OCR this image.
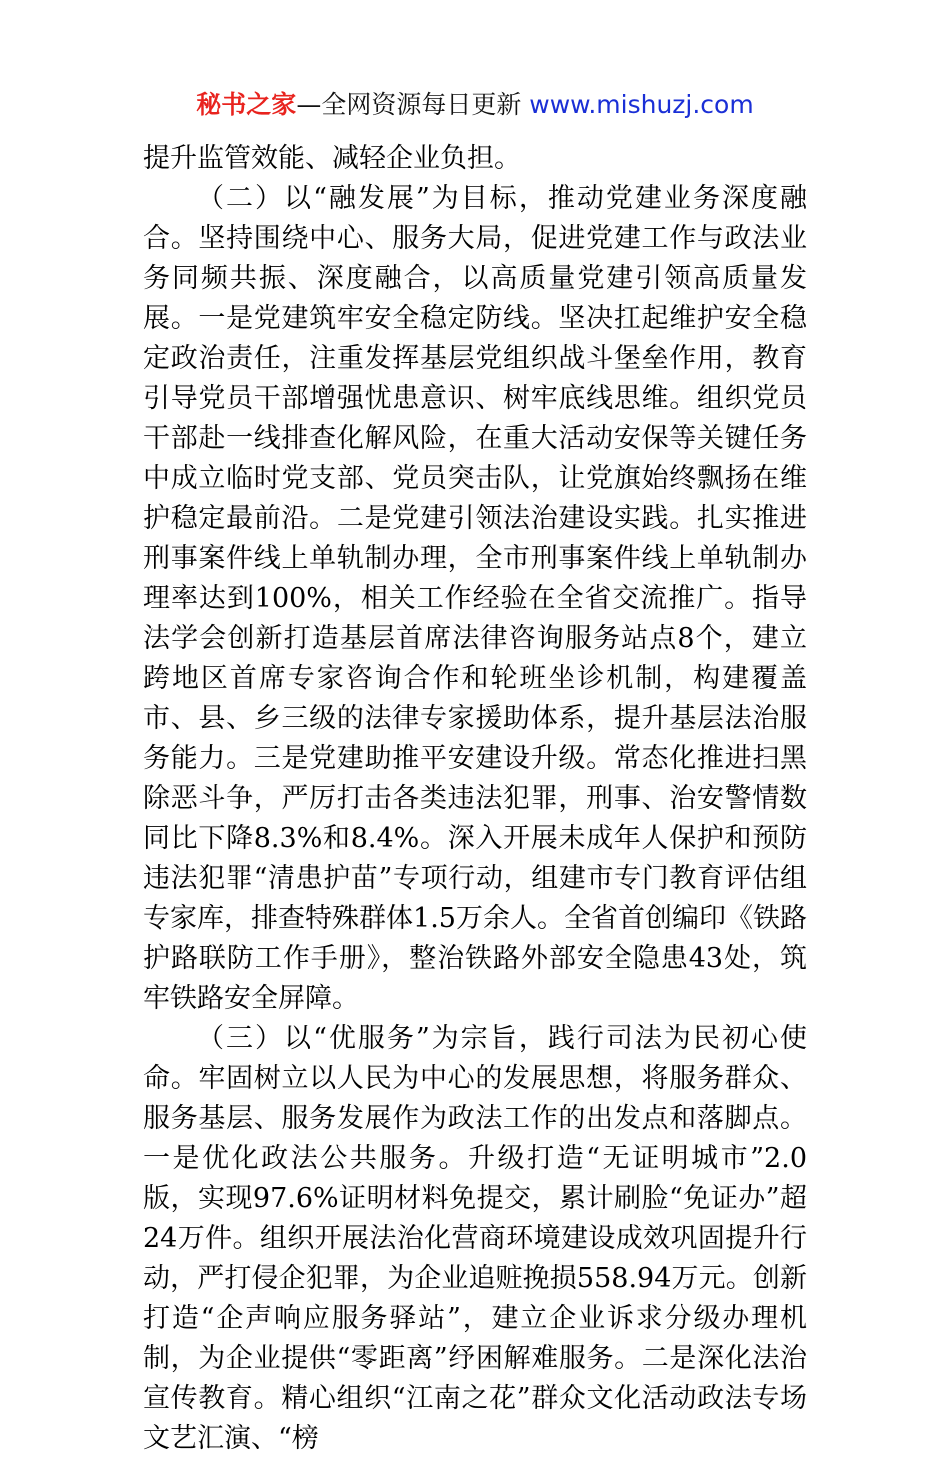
秘书之家—全网资源每日更新 www.mishuzj.com

提升监管效能、减轻企业负担。

（二）以“融发展”为目标，推动党建业务深度融合。坚持围绕中心、服务大局，促进党建工作与政法业务同频共振、深度融合，以高质量党建引领高质量发展。一是党建筑牢安全稳定防线。坚决扛起维护安全稳定政治责任，注重发挥基层党组织战斗堡垒作用，教育引导党员干部增强忧患意识、树牢底线思维。组织党员干部赴一线排查化解风险，在重大活动安保等关键任务中成立临时党支部、党员突击队，让党旗始终飘扬在维护稳定最前沿。二是党建引领法治建设实践。扎实推进刑事案件线上单轨制办理，全市刑事案件线上单轨制办理率达到100%，相关工作经验在全省交流推广。指导法学会创新打造基层首席法律咨询服务站点8个，建立跨地区首席专家咨询合作和轮班坐诊机制，构建覆盖市、县、乡三级的法律专家援助体系，提升基层法治服务能力。三是党建助推平安建设升级。常态化推进扫黑除恶斗争，严厉打击各类违法犯罪，刑事、治安警情数同比下降8.3%和8.4%。深入开展未成年人保护和预防违法犯罪“清患护苗”专项行动，组建市专门教育评估组专家库，排查特殊群体1.5万余人。全省首创编印《铁路护路联防工作手册》，整治铁路外部安全隐患43处，筑牢铁路安全屏障。

（三）以“优服务”为宗旨，践行司法为民初心使命。牢固树立以人民为中心的发展思想，将服务群众、服务基层、服务发展作为政法工作的出发点和落脚点。一是优化政法公共服务。升级打造“无证明城市”2.0版，实现97.6%证明材料免提交，累计刷脸“免证办”超24万件。组织开展法治化营商环境建设成效巩固提升行动，严打侵企犯罪，为企业追赃挽损558.94万元。创新打造“企声响应服务驿站”，建立企业诉求分级办理机制，为企业提供“零距离”纾困解难服务。二是深化法治宣传教育。精心组织“江南之花”群众文化活动政法专场文艺汇演、“榜
